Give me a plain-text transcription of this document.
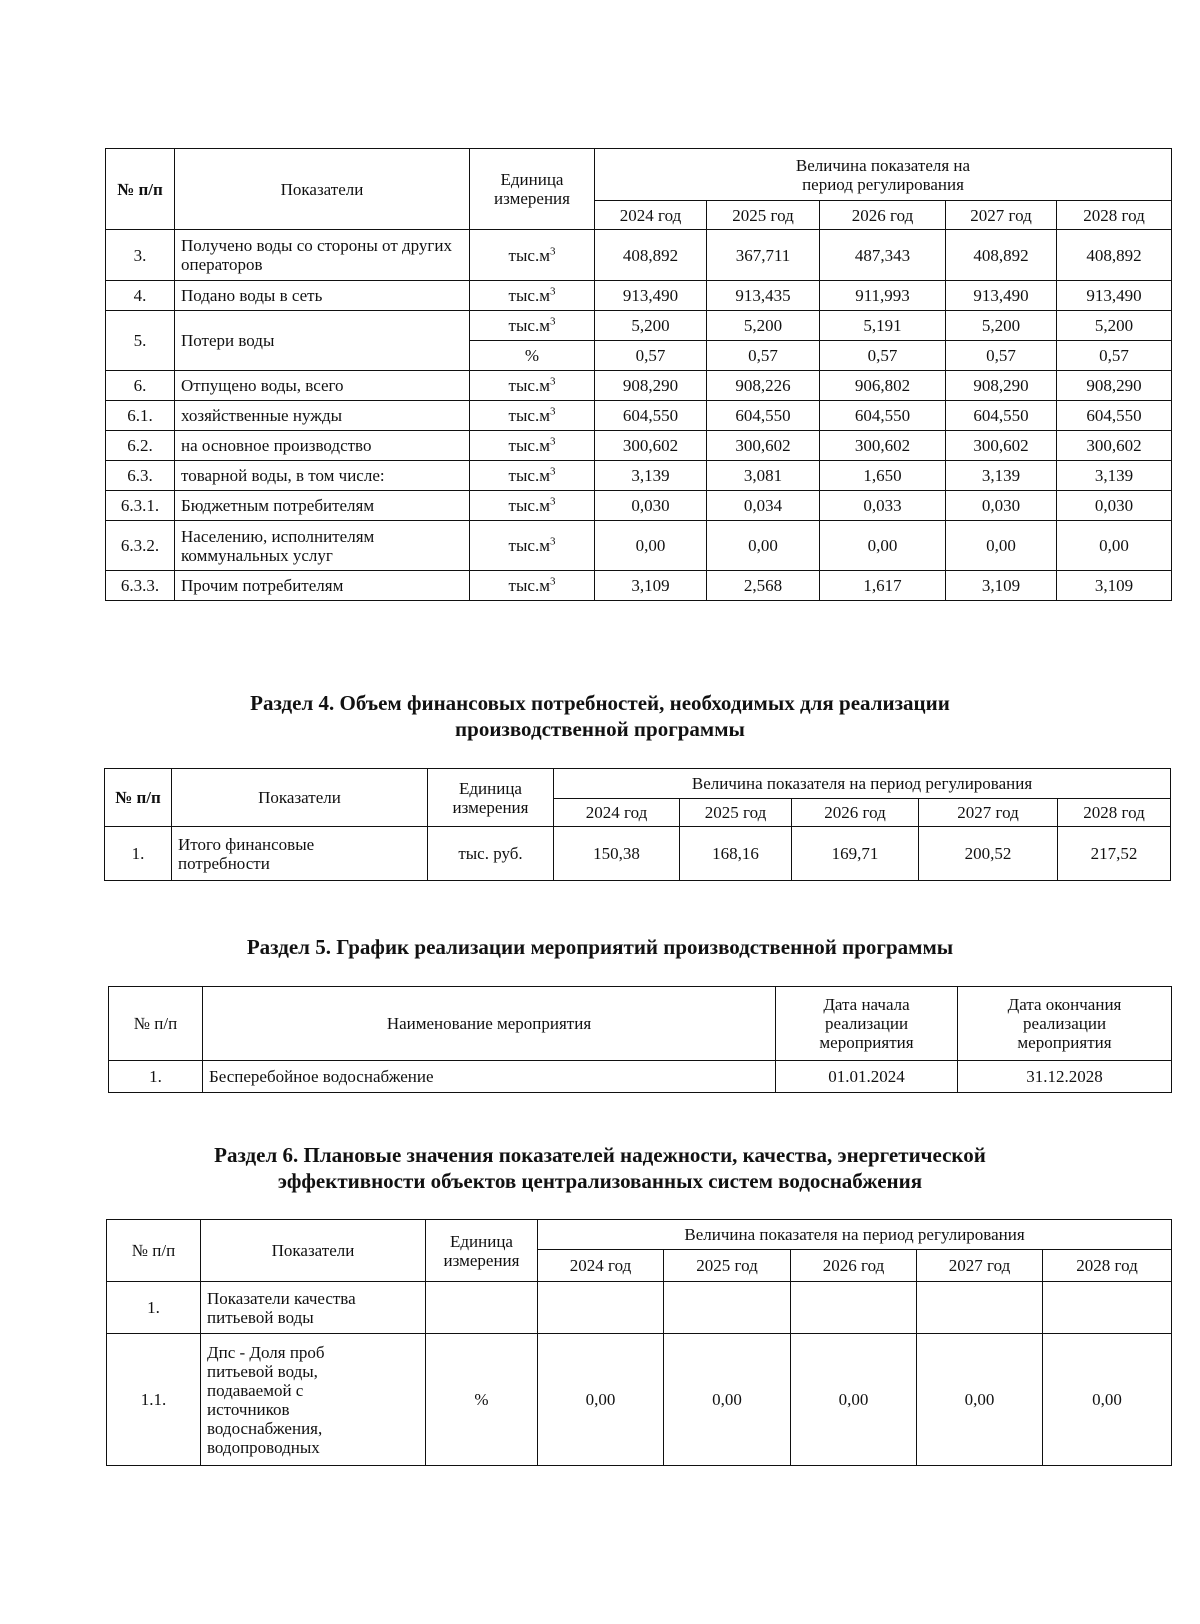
№ п/п	Показатели	Единица измерения	Величина показателя на период регулирования				
			2024 год	2025 год	2026 год	2027 год	2028 год
3.	Получено воды со стороны от других операторов	$тыс.м^3$	408,892	367,711	487,343	408,892	408,892
4.	Подано воды в сеть	$тыс.м^3$	913,490	913,435	911,993	913,490	913,490
5.	Потери воды	$тыс.м^3$	5,200	5,200	5,191	5,200	5,200
		%	0,57	0,57	0,57	0,57	0,57
6.	Отпущено воды, всего	$тыс.м^3$	908,290	908,226	906,802	908,290	908,290
6.1.	хозяйственные нужды	$тыс.м^3$	604,550	604,550	604,550	604,550	604,550
6.2.	на основное производство	$тыс.м^3$	300,602	300,602	300,602	300,602	300,602
6.3.	товарной воды, в том числе:	$тыс.м^3$	3,139	3,081	1,650	3,139	3,139
6.3.1.	Бюджетным потребителям	$тыс.м^3$	0,030	0,034	0,033	0,030	0,030
6.3.2.	Населению, исполнителям коммунальных услуг	$тыс.м^3$	0,00	0,00	0,00	0,00	0,00
6.3.3.	Прочим потребителям	$тыс.м^3$	3,109	2,568	1,617	3,109	3,109
Раздел 4. Объем финансовых потребностей, необходимых для реализации производственной программы
№ п/п	Показатели	Единица измерения	Величина показателя на период регулирования				
			2024 год	2025 год	2026 год	2027 год	2028 год
1.	Итого финансовые потребности	тыс. руб.	150,38	168,16	169,71	200,52	217,52
Раздел 5. График реализации мероприятий производственной программы
№ п/п	Наименование мероприятия	Дата начала реализации мероприятия	Дата окончания реализации мероприятия
1.	Бесперебойное водоснабжение	01.01.2024	31.12.2028
Раздел 6. Плановые значения показателей надежности, качества, энергетической эффективности объектов централизованных систем водоснабжения
№ п/п	Показатели	Единица измерения	Величина показателя на период регулирования				
			2024 год	2025 год	2026 год	2027 год	2028 год
1.	Показатели качества питьевой воды						
1.1.	Дпс - Доля проб питьевой воды, подаваемой с источников водоснабжения, водопроводных	%	0,00	0,00	0,00	0,00	0,00
